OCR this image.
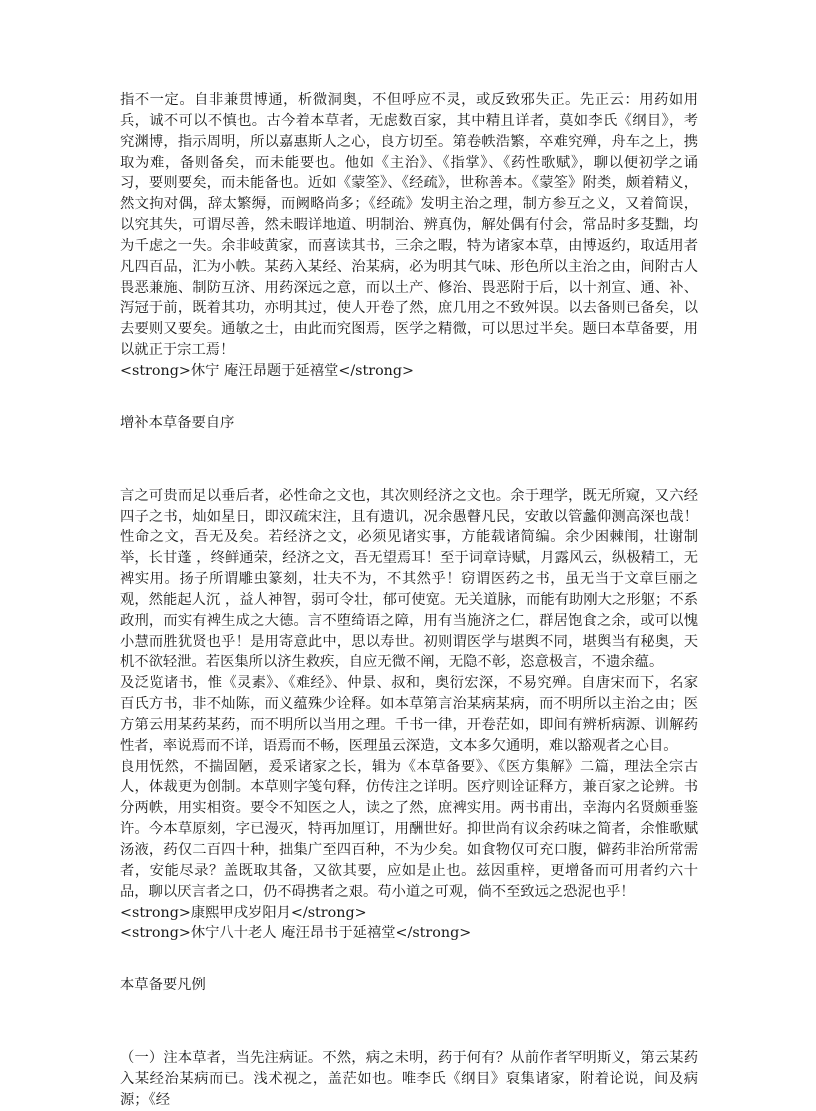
指不一定。自非兼贯博通，析微洞奥，不但呼应不灵，或反致邪失正。先正云：用药如用兵，诚不可以不慎也。古今着本草者，无虑数百家，其中精且详者，莫如李氏《纲目》，考究渊博，指示周明，所以嘉惠斯人之心，良方切至。第卷帙浩繁，卒难究殚，舟车之上，携取为难，备则备矣，而未能要也。他如《主治》、《指掌》、《药性歌赋》，聊以便初学之诵习，要则要矣，而未能备也。近如《蒙筌》、《经疏》，世称善本。《蒙筌》附类，颇着精义，然文拘对偶，辞太繁缛，而阙略尚多；《经疏》发明主治之理，制方参互之义，又着简误，以究其失，可谓尽善，然未暇详地道、明制治、辨真伪，解处偶有付会，常品时多芟黜，均为千虑之一失。余非岐黄家，而喜读其书，三余之暇，特为诸家本草，由博返约，取适用者凡四百品，汇为小帙。某药入某经、治某病，必为明其气味、形色所以主治之由，间附古人畏恶兼施、制防互济、用药深远之意，而以土产、修治、畏恶附于后，以十剂宣、通、补、泻冠于前，既着其功，亦明其过，使人开卷了然，庶几用之不致舛误。以去备则已备矣，以去要则又要矣。通敏之士，由此而究图焉，医学之精微，可以思过半矣。题曰本草备要，用以就正于宗工焉！

<strong>休宁 庵汪昂题于延禧堂</strong>

增补本草备要自序

言之可贵而足以垂后者，必性命之文也，其次则经济之文也。余于理学，既无所窥，又六经四子之书，灿如星日，即汉疏宋注，且有遗讥，况余愚瞽凡民，安敢以管蠡仰测高深也哉！性命之文，吾无及矣。若经济之文，必须见诸实事，方能载诸简编。余少困棘闱，壮谢制举，长甘蓬 ，终鲜通荣，经济之文，吾无望焉耳！至于词章诗赋，月露风云，纵极精工，无裨实用。扬子所谓雕虫篆刻，壮夫不为，不其然乎！窃谓医药之书，虽无当于文章巨丽之观，然能起人沉 ，益人神智，弱可令壮，郁可使宽。无关道脉，而能有助刚大之形躯；不系政刑，而实有裨生成之大德。言不堕绮语之障，用有当施济之仁，群居饱食之余，或可以愧小慧而胜犹贤也乎！是用寄意此中，思以寿世。初则谓医学与堪舆不同，堪舆当有秘奥，天机不欲轻泄。若医集所以济生救疾，自应无微不阐，无隐不彰，恣意极言，不遗余蕴。

及泛览诸书，惟《灵素》、《难经》、仲景、叔和，奥衍宏深，不易究殚。自唐宋而下，名家百氏方书，非不灿陈，而义蕴殊少诠释。如本草第言治某病某病，而不明所以主治之由；医方第云用某药某药，而不明所以当用之理。千书一律，开卷茫如，即间有辨析病源、训解药性者，率说焉而不详，语焉而不畅，医理虽云深造，文本多欠通明，难以豁观者之心目。

良用怃然，不揣固陋，爰采诸家之长，辑为《本草备要》、《医方集解》二篇，理法全宗古人，体裁更为创制。本草则字笺句释，仿传注之详明。医疗则诠证释方，兼百家之论辨。书分两帙，用实相资。要令不知医之人，读之了然，庶裨实用。两书甫出，幸海内名贤颇垂鉴许。今本草原刻，字已漫灭，特再加厘订，用酬世好。抑世尚有议余药味之简者，余惟歌赋汤液，药仅二百四十种，拙集广至四百种，不为少矣。如食物仅可充口腹，僻药非治所常需者，安能尽录？盖既取其备，又欲其要，应如是止也。兹因重梓，更增备而可用者约六十品，聊以厌言者之口，仍不碍携者之艰。苟小道之可观，倘不至致远之恐泥也乎！

<strong>康熙甲戌岁阳月</strong>

<strong>休宁八十老人 庵汪昂书于延禧堂</strong>

本草备要凡例

（一）注本草者，当先注病证。不然，病之未明，药于何有？从前作者罕明斯义，第云某药入某经治某病而已。浅术视之，盖茫如也。唯李氏《纲目》裒集诸家，附着论说，间及病源；《经
